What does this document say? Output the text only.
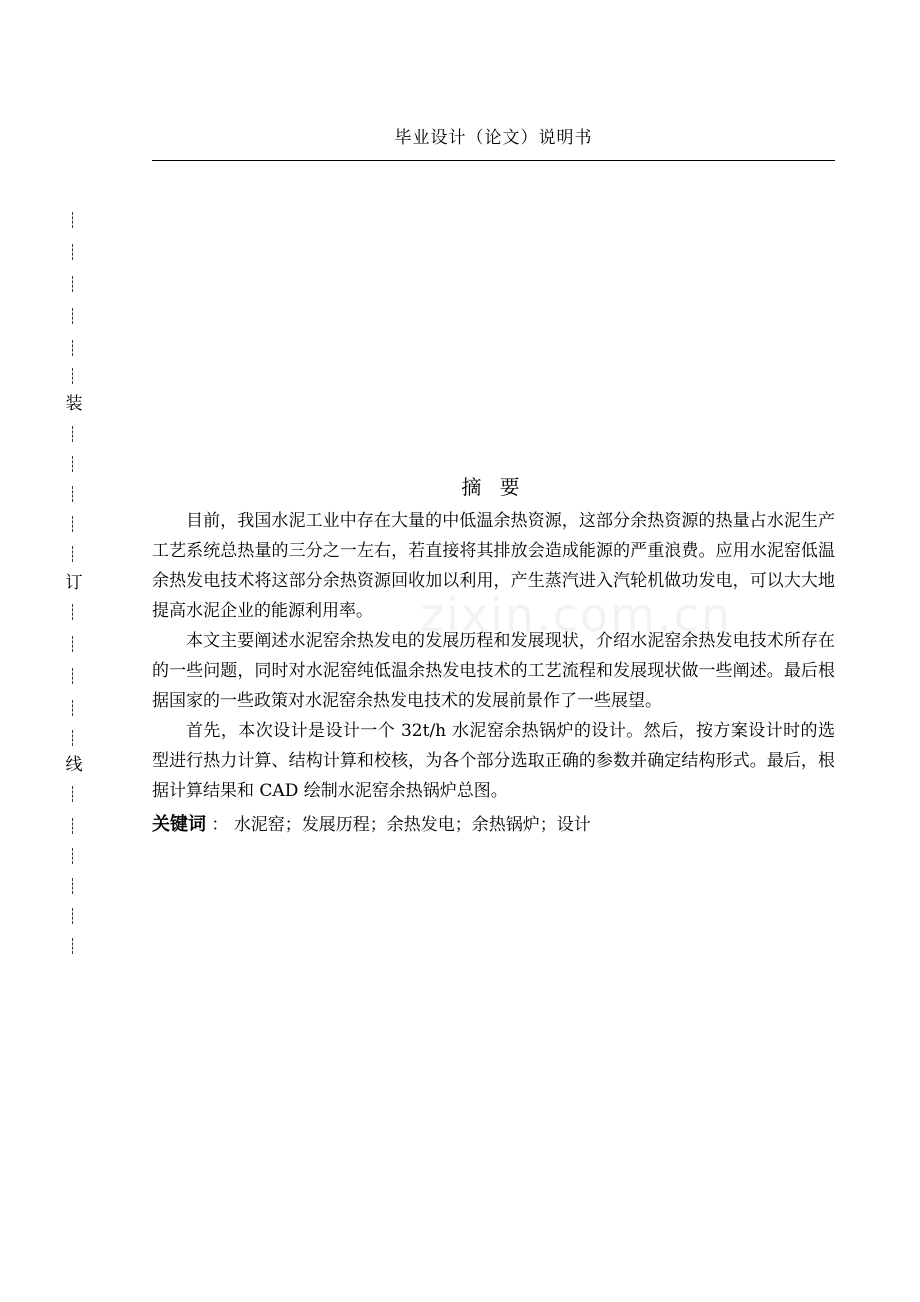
毕业设计（论文）说明书
装
订
线
摘 要

目前，我国水泥工业中存在大量的中低温余热资源，这部分余热资源的热量占水泥生产工艺系统总热量的三分之一左右，若直接将其排放会造成能源的严重浪费。应用水泥窑低温余热发电技术将这部分余热资源回收加以利用，产生蒸汽进入汽轮机做功发电，可以大大地提高水泥企业的能源利用率。

本文主要阐述水泥窑余热发电的发展历程和发展现状，介绍水泥窑余热发电技术所存在的一些问题，同时对水泥窑纯低温余热发电技术的工艺流程和发展现状做一些阐述。最后根据国家的一些政策对水泥窑余热发电技术的发展前景作了一些展望。

首先，本次设计是设计一个 32t/h 水泥窑余热锅炉的设计。然后，按方案设计时的选型进行热力计算、结构计算和校核，为各个部分选取正确的参数并确定结构形式。最后，根据计算结果和 CAD 绘制水泥窑余热锅炉总图。

关键词 ： 水泥窑；发展历程；余热发电；余热锅炉；设计
zixin.com.cn
